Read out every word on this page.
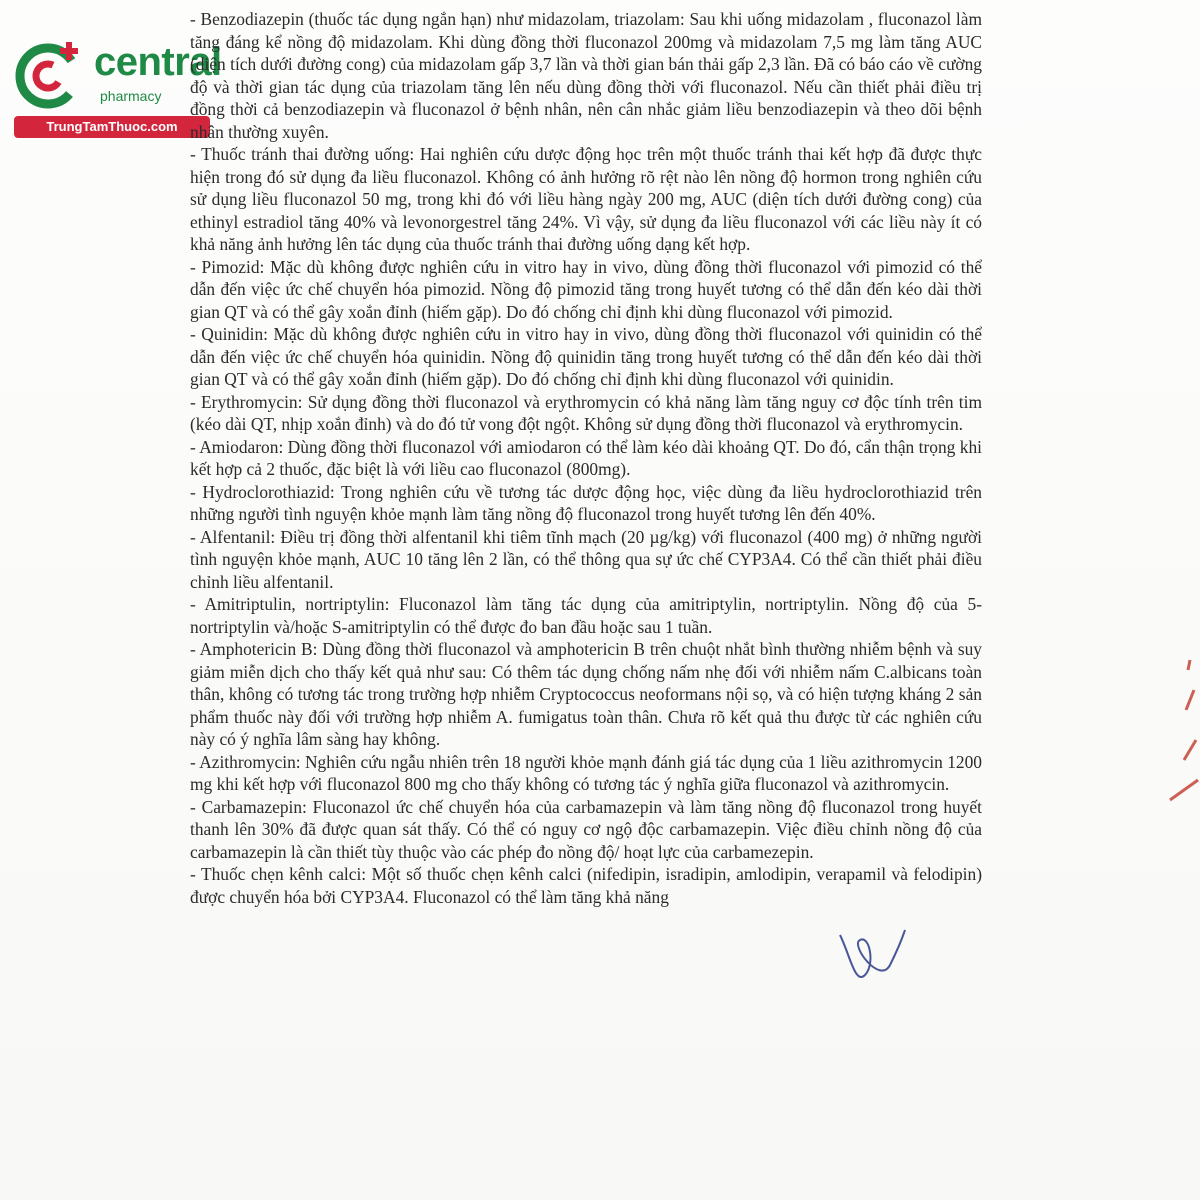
central
pharmacy
TrungTamThuoc.com

- Benzodiazepin (thuốc tác dụng ngắn hạn) như midazolam, triazolam: Sau khi uống midazolam , fluconazol làm tăng đáng kể nồng độ midazolam. Khi dùng đồng thời fluconazol 200mg và midazolam 7,5 mg làm tăng AUC (diện tích dưới đường cong) của midazolam gấp 3,7 lần và thời gian bán thải gấp 2,3 lần. Đã có báo cáo về cường độ và thời gian tác dụng của triazolam tăng lên nếu dùng đồng thời với fluconazol. Nếu cần thiết phải điều trị đồng thời cả benzodiazepin và fluconazol ở bệnh nhân, nên cân nhắc giảm liều benzodiazepin và theo dõi bệnh nhân thường xuyên.

- Thuốc tránh thai đường uống: Hai nghiên cứu dược động học trên một thuốc tránh thai kết hợp đã được thực hiện trong đó sử dụng đa liều fluconazol. Không có ảnh hưởng rõ rệt nào lên nồng độ hormon trong nghiên cứu sử dụng liều fluconazol 50 mg, trong khi đó với liều hàng ngày 200 mg, AUC (diện tích dưới đường cong) của ethinyl estradiol tăng 40% và levonorgestrel tăng 24%. Vì vậy, sử dụng đa liều fluconazol với các liều này ít có khả năng ảnh hưởng lên tác dụng của thuốc tránh thai đường uống dạng kết hợp.

- Pimozid: Mặc dù không được nghiên cứu in vitro hay in vivo, dùng đồng thời fluconazol với pimozid có thể dẫn đến việc ức chế chuyển hóa pimozid. Nồng độ pimozid tăng trong huyết tương có thể dẫn đến kéo dài thời gian QT và có thể gây xoắn đỉnh (hiếm gặp). Do đó chống chỉ định khi dùng fluconazol với pimozid.

- Quinidin: Mặc dù không được nghiên cứu in vitro hay in vivo, dùng đồng thời fluconazol với quinidin có thể dẫn đến việc ức chế chuyển hóa quinidin. Nồng độ quinidin tăng trong huyết tương có thể dẫn đến kéo dài thời gian QT và có thể gây xoắn đỉnh (hiếm gặp). Do đó chống chỉ định khi dùng fluconazol với quinidin.

- Erythromycin: Sử dụng đồng thời fluconazol và erythromycin có khả năng làm tăng nguy cơ độc tính trên tim (kéo dài QT, nhịp xoắn đỉnh) và do đó tử vong đột ngột. Không sử dụng đồng thời fluconazol và erythromycin.

- Amiodaron: Dùng đồng thời fluconazol với amiodaron có thể làm kéo dài khoảng QT. Do đó, cẩn thận trọng khi kết hợp cả 2 thuốc, đặc biệt là với liều cao fluconazol (800mg).

- Hydroclorothiazid: Trong nghiên cứu về tương tác dược động học, việc dùng đa liều hydroclorothiazid trên những người tình nguyện khỏe mạnh làm tăng nồng độ fluconazol trong huyết tương lên đến 40%.

- Alfentanil: Điều trị đồng thời alfentanil khi tiêm tĩnh mạch (20 µg/kg) với fluconazol (400 mg) ở những người tình nguyện khỏe mạnh, AUC 10 tăng lên 2 lần, có thể thông qua sự ức chế CYP3A4. Có thể cần thiết phải điều chỉnh liều alfentanil.

- Amitriptulin, nortriptylin: Fluconazol làm tăng tác dụng của amitriptylin, nortriptylin. Nồng độ của 5-nortriptylin và/hoặc S-amitriptylin có thể được đo ban đầu hoặc sau 1 tuần.

- Amphotericin B: Dùng đồng thời fluconazol và amphotericin B trên chuột nhắt bình thường nhiễm bệnh và suy giảm miễn dịch cho thấy kết quả như sau: Có thêm tác dụng chống nấm nhẹ đối với nhiễm nấm C.albicans toàn thân, không có tương tác trong trường hợp nhiễm Cryptococcus neoformans nội sọ, và có hiện tượng kháng 2 sản phẩm thuốc này đối với trường hợp nhiễm A. fumigatus toàn thân. Chưa rõ kết quả thu được từ các nghiên cứu này có ý nghĩa lâm sàng hay không.

- Azithromycin: Nghiên cứu ngẫu nhiên trên 18 người khỏe mạnh đánh giá tác dụng của 1 liều azithromycin 1200 mg khi kết hợp với fluconazol 800 mg cho thấy không có tương tác ý nghĩa giữa fluconazol và azithromycin.

- Carbamazepin: Fluconazol ức chế chuyển hóa của carbamazepin và làm tăng nồng độ fluconazol trong huyết thanh lên 30% đã được quan sát thấy. Có thể có nguy cơ ngộ độc carbamazepin. Việc điều chỉnh nồng độ của carbamazepin là cần thiết tùy thuộc vào các phép đo nồng độ/ hoạt lực của carbamezepin.

- Thuốc chẹn kênh calci: Một số thuốc chẹn kênh calci (nifedipin, isradipin, amlodipin, verapamil và felodipin) được chuyển hóa bởi CYP3A4. Fluconazol có thể làm tăng khả năng
